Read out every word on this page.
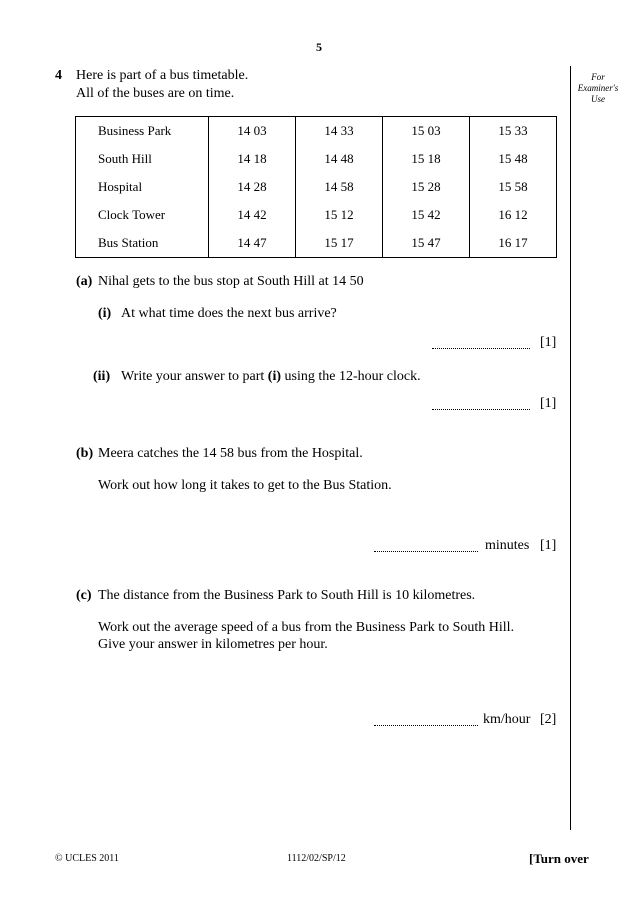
5
For
Examiner's
Use
4 Here is part of a bus timetable.
All of the buses are on time.
Business Park	14 03	14 33	15 03	15 33
South Hill	14 18	14 48	15 18	15 48
Hospital	14 28	14 58	15 28	15 58
Clock Tower	14 42	15 12	15 42	16 12
Bus Station	14 47	15 17	15 47	16 17
(a) Nihal gets to the bus stop at South Hill at 14 50
(i) At what time does the next bus arrive?
[1]
(ii) Write your answer to part (i) using the 12-hour clock.
[1]
(b) Meera catches the 14 58 bus from the Hospital.
Work out how long it takes to get to the Bus Station.
minutes [1]
(c) The distance from the Business Park to South Hill is 10 kilometres.
Work out the average speed of a bus from the Business Park to South Hill.
Give your answer in kilometres per hour.
km/hour [2]
© UCLES 2011	1112/02/SP/12	[Turn over
